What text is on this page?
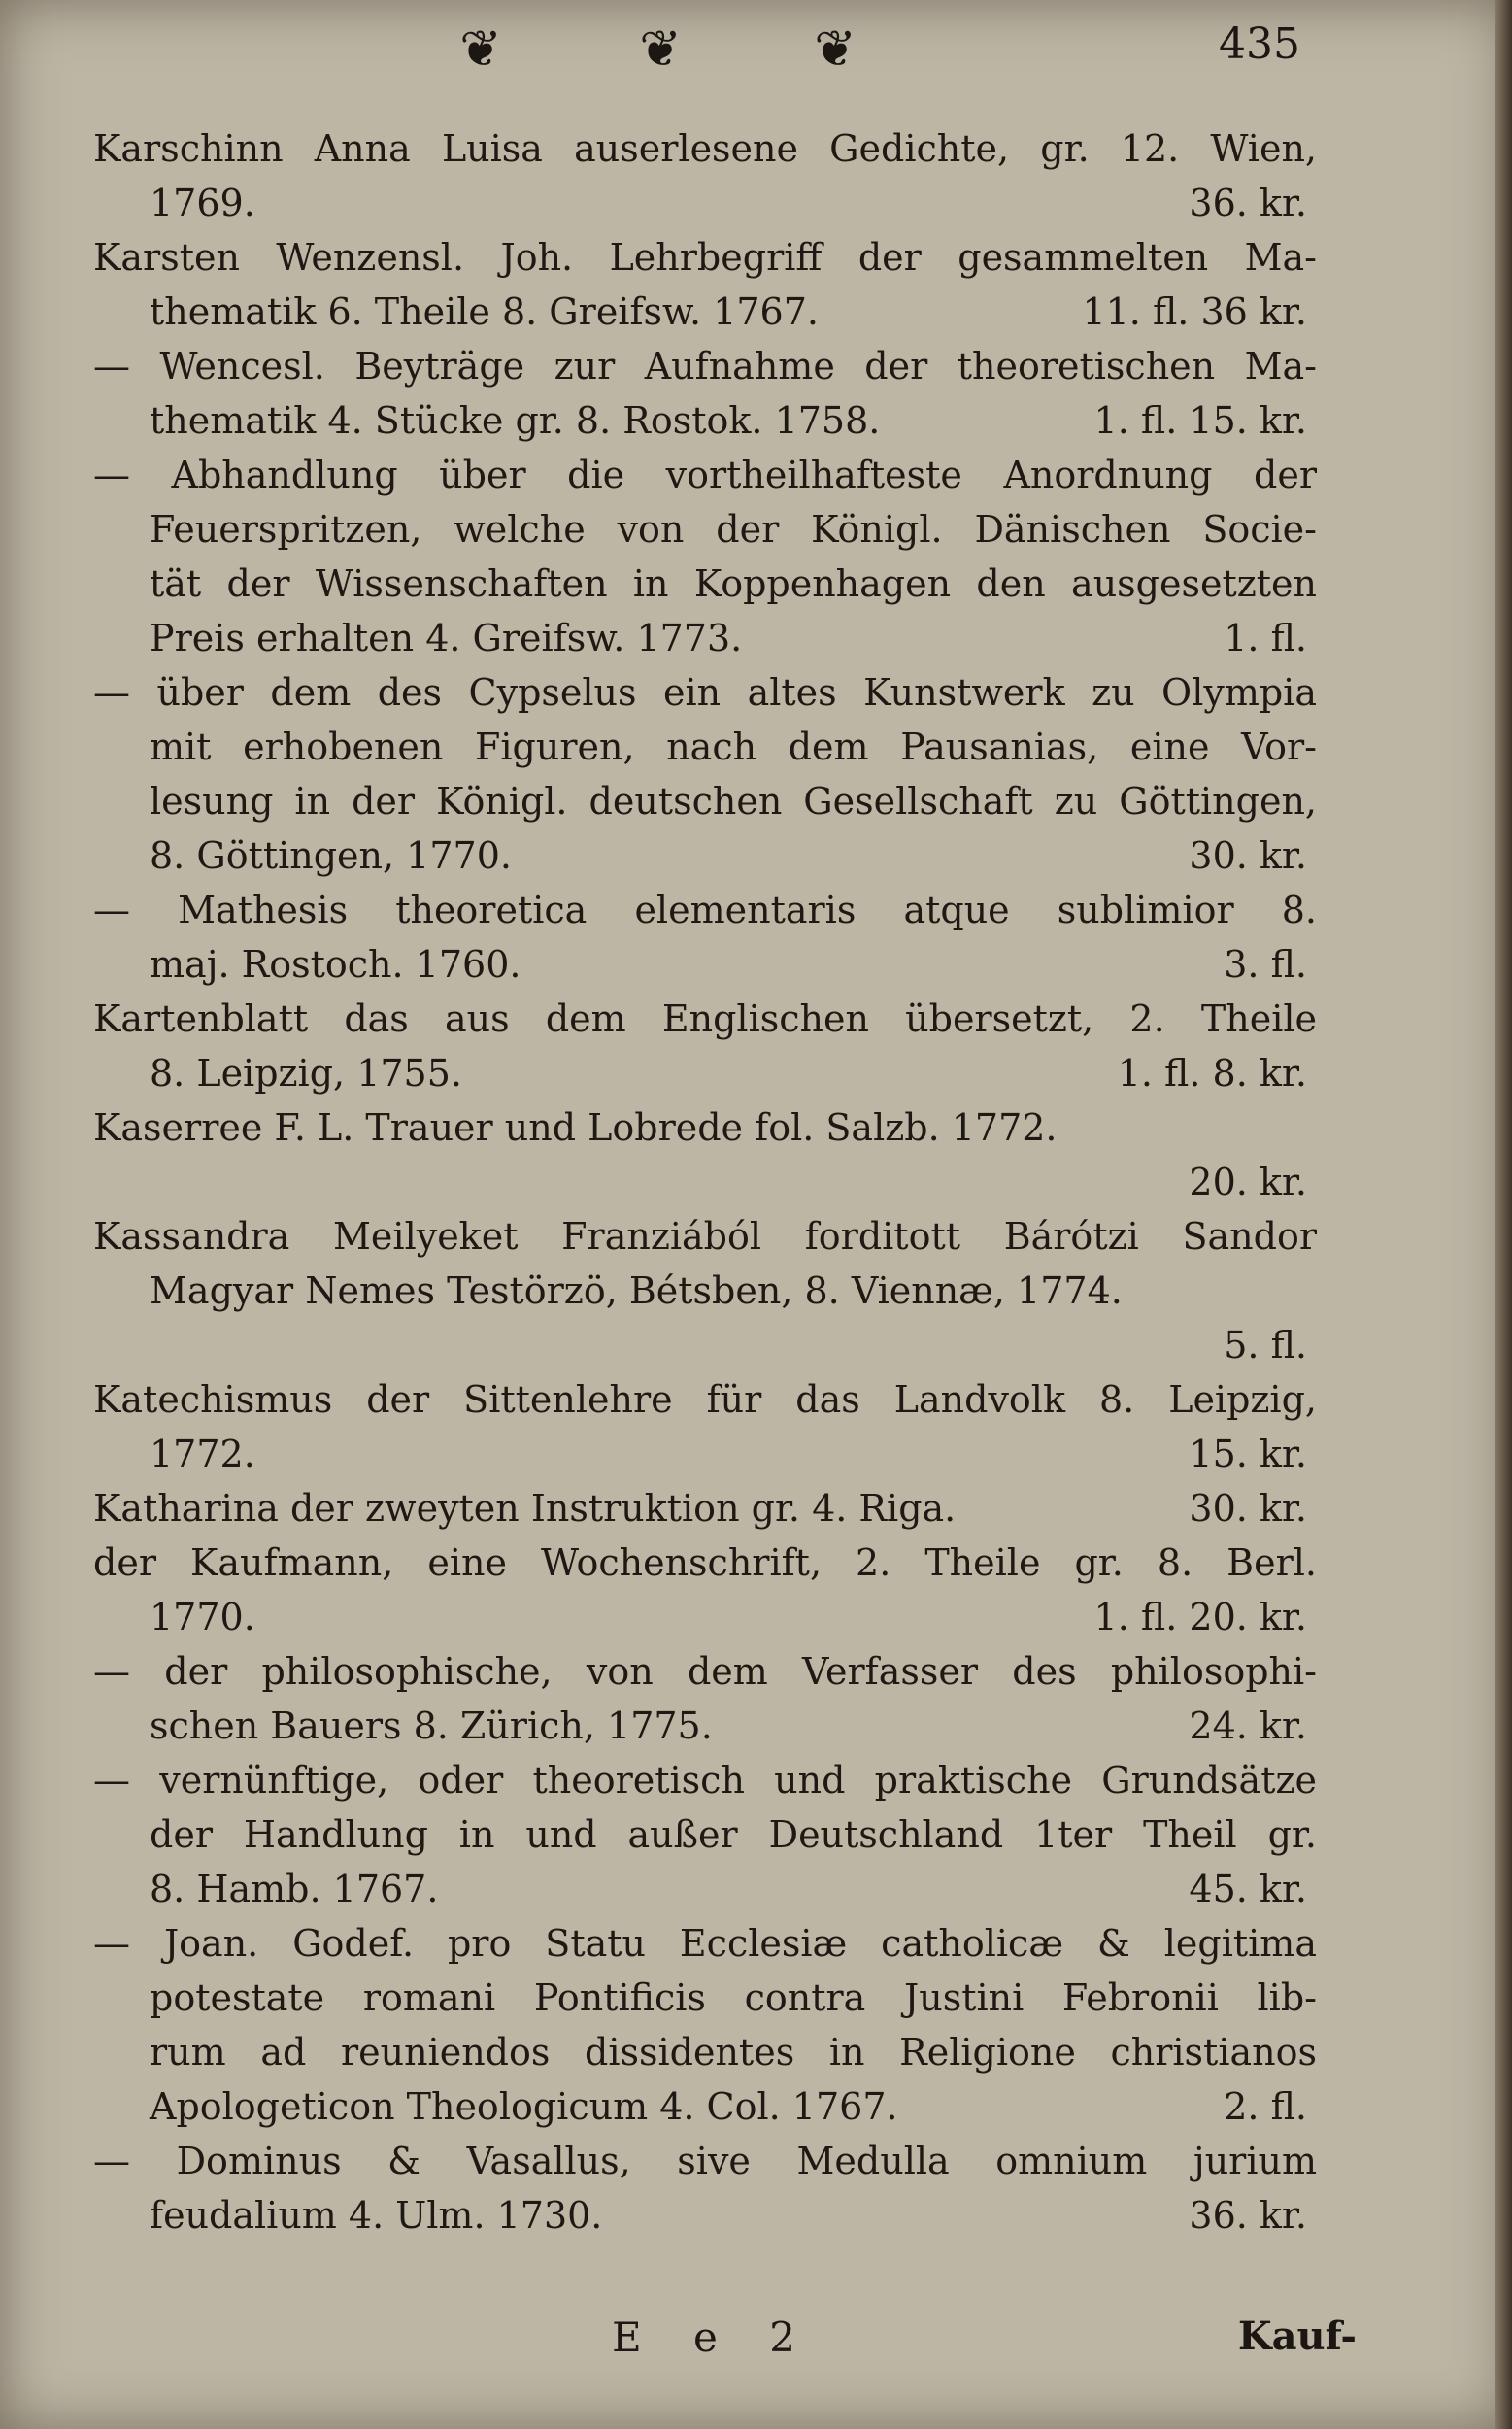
❦	❦	❦	435
Karschinn Anna Luisa auserlesene Gedichte, gr. 12. Wien,
1769.	36. kr.
Karsten Wenzensl. Joh. Lehrbegriff der gesammelten Ma-
thematik 6. Theile 8. Greifsw. 1767.	11. fl. 36 kr.
— Wencesl. Beyträge zur Aufnahme der theoretischen Ma-
thematik 4. Stücke gr. 8. Rostok. 1758.	1. fl. 15. kr.
— Abhandlung über die vortheilhafteste Anordnung der
Feuerspritzen, welche von der Königl. Dänischen Socie-
tät der Wissenschaften in Koppenhagen den ausgesetzten
Preis erhalten 4. Greifsw. 1773.	1. fl.
— über dem des Cypselus ein altes Kunstwerk zu Olympia
mit erhobenen Figuren, nach dem Pausanias, eine Vor-
lesung in der Königl. deutschen Gesellschaft zu Göttingen,
8. Göttingen, 1770.	30. kr.
— Mathesis theoretica elementaris atque sublimior 8.
maj. Rostoch. 1760.	3. fl.
Kartenblatt das aus dem Englischen übersetzt, 2. Theile
8. Leipzig, 1755.	1. fl. 8. kr.
Kaserree F. L. Trauer und Lobrede fol. Salzb. 1772.
20. kr.
Kassandra Meilyeket Franziából forditott Bárótzi Sandor
Magyar Nemes Testörzö, Bétsben, 8. Viennæ, 1774.
5. fl.
Katechismus der Sittenlehre für das Landvolk 8. Leipzig,
1772.	15. kr.
Katharina der zweyten Instruktion gr. 4. Riga.	30. kr.
der Kaufmann, eine Wochenschrift, 2. Theile gr. 8. Berl.
1770.	1. fl. 20. kr.
— der philosophische, von dem Verfasser des philosophi-
schen Bauers 8. Zürich, 1775.	24. kr.
— vernünftige, oder theoretisch und praktische Grundsätze
der Handlung in und außer Deutschland 1ter Theil gr.
8. Hamb. 1767.	45. kr.
— Joan. Godef. pro Statu Ecclesiæ catholicæ & legitima
potestate romani Pontificis contra Justini Febronii lib-
rum ad reuniendos dissidentes in Religione christianos
Apologeticon Theologicum 4. Col. 1767.	2. fl.
— Dominus & Vasallus, sive Medulla omnium jurium
feudalium 4. Ulm. 1730.	36. kr.
E e 2	Kauf-
